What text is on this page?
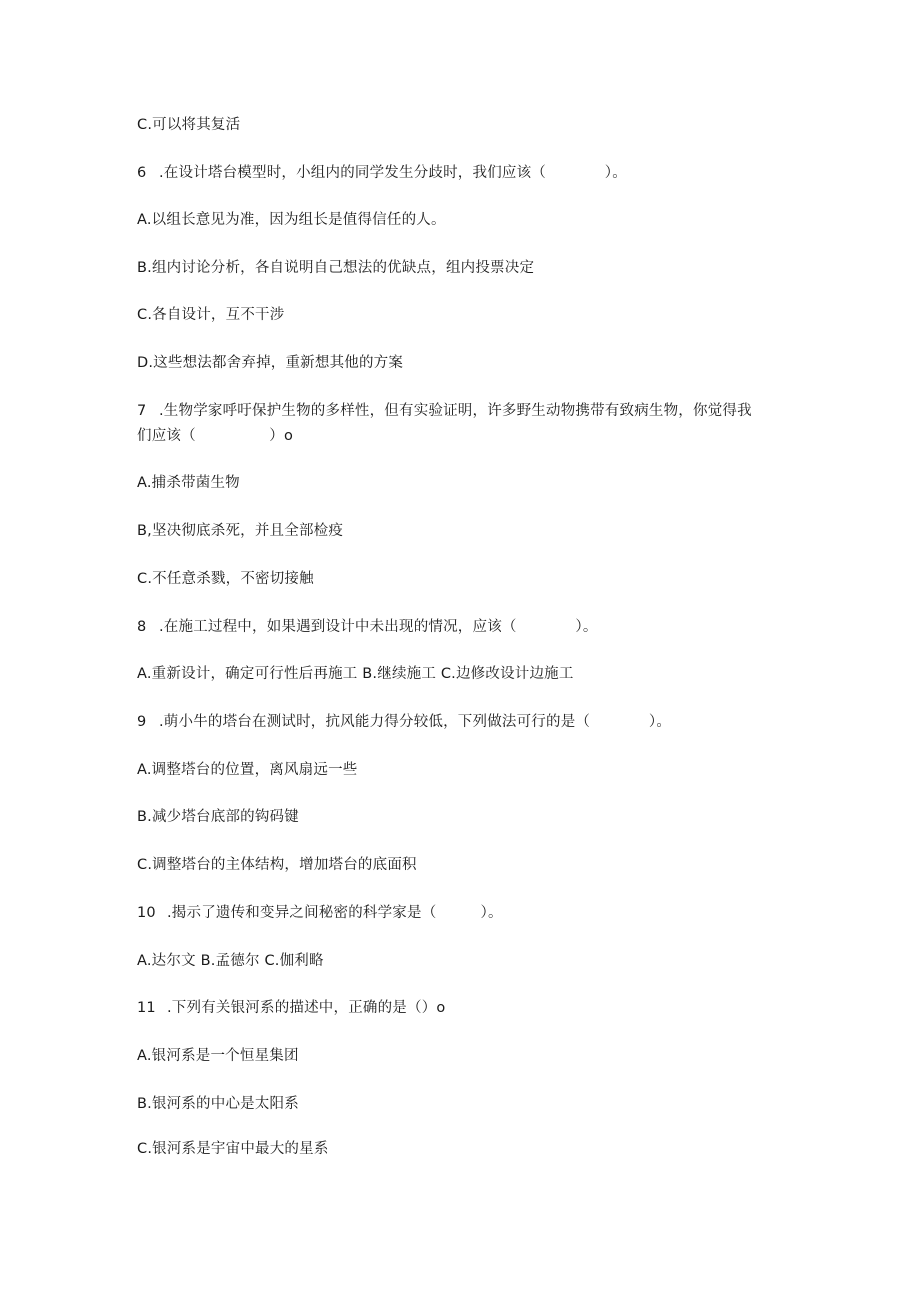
C.可以将其复活
6 .在设计塔台模型时，小组内的同学发生分歧时，我们应该（　　　　）。
A.以组长意见为准，因为组长是值得信任的人。
B.组内讨论分析，各自说明自己想法的优缺点，组内投票决定
C.各自设计，互不干涉
D.这些想法都舍弃掉，重新想其他的方案
7 .生物学家呼吁保护生物的多样性，但有实验证明，许多野生动物携带有致病生物，你觉得我
们应该（　　　　　）o
A.捕杀带菌生物
B,坚决彻底杀死，并且全部检疫
C.不任意杀戮，不密切接触
8 .在施工过程中，如果遇到设计中未出现的情况，应该（　　　　）。
A.重新设计，确定可行性后再施工 B.继续施工 C.边修改设计边施工
9 .萌小牛的塔台在测试时，抗风能力得分较低，下列做法可行的是（　　　　）。
A.调整塔台的位置，离风扇远一些
B.减少塔台底部的钩码键
C.调整塔台的主体结构，增加塔台的底面积
10 .揭示了遗传和变异之间秘密的科学家是（　　　）。
A.达尔文 B.孟德尔 C.伽利略
11 .下列有关银河系的描述中，正确的是（）o
A.银河系是一个恒星集团
B.银河系的中心是太阳系
C.银河系是宇宙中最大的星系
